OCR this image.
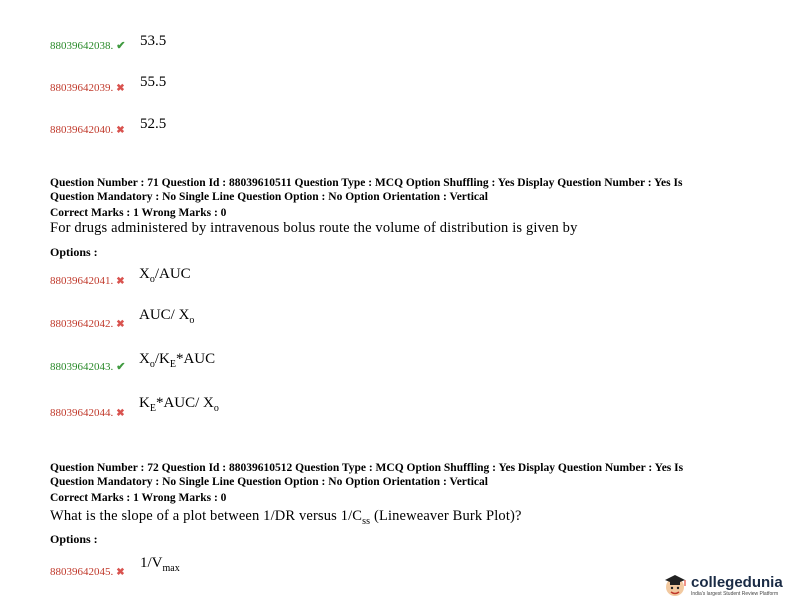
88039642038. ✔ 53.5
88039642039. ✖ 55.5
88039642040. ✖ 52.5
Question Number : 71 Question Id : 88039610511 Question Type : MCQ Option Shuffling : Yes Display Question Number : Yes Is
Question Mandatory : No Single Line Question Option : No Option Orientation : Vertical
Correct Marks : 1 Wrong Marks : 0
For drugs administered by intravenous bolus route the volume of distribution is given by
Options :
88039642041. ✖ $X_o$/AUC
88039642042. ✖
AUC/ $X_o$
88039642043. ✔ $X_o/K_E*AUC$
88039642044. ✖
$K_E*AUC/$ $X_o$
Question Number : 72 Question Id : 88039610512 Question Type : MCQ Option Shuffling : Yes Display Question Number : Yes Is
Question Mandatory : No Single Line Question Option : No Option Orientation : Vertical
Correct Marks : 1 Wrong Marks : 0
What is the slope of a plot between 1/DR versus $1/C_{ss}$ (Lineweaver Burk Plot)?
Options :
88039642045. ✖
$1/V_{max}$
collegedunia
India's largest Student Review Platform
